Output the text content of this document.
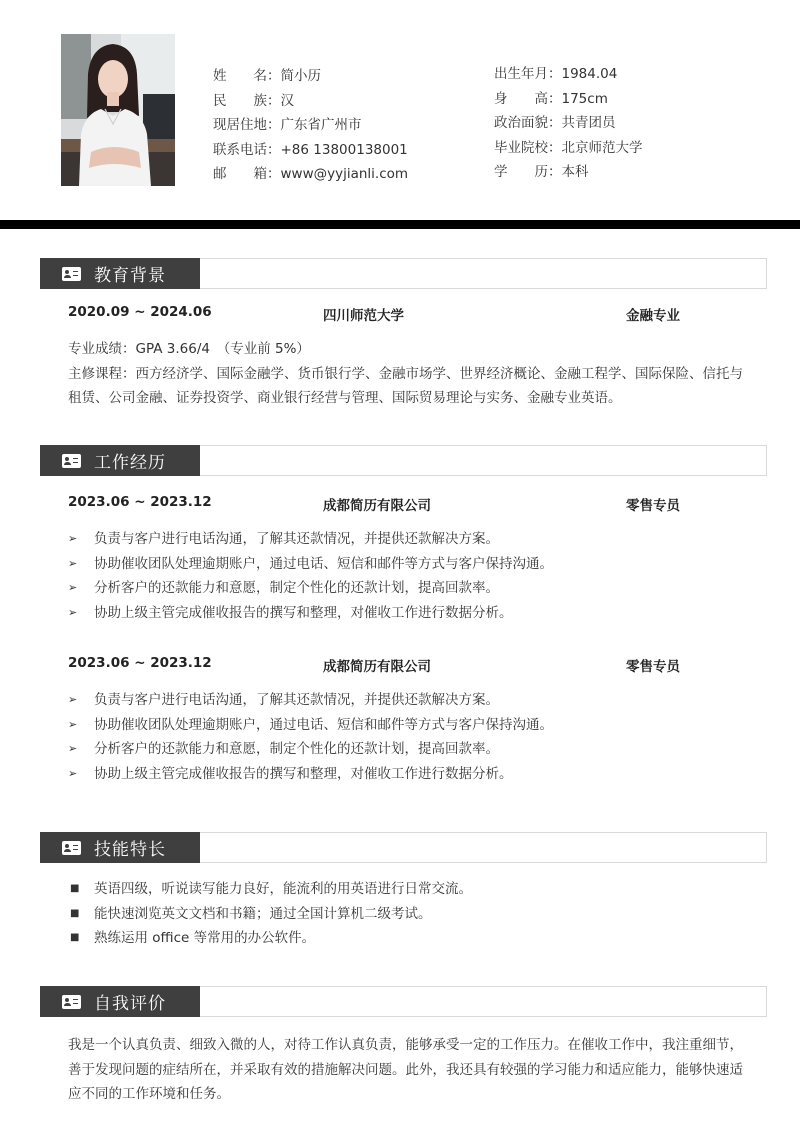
姓　　名：简小历
民　　族：汉
现居住地：广东省广州市
联系电话：+86 13800138001
邮　　箱：www@yyjianli.com
出生年月：1984.04
身　　高：175cm
政治面貌：共青团员
毕业院校：北京师范大学
学　　历：本科
教育背景
2020.09 ~ 2024.06	四川师范大学	金融专业
专业成绩：GPA 3.66/4　（专业前 5%）
主修课程：西方经济学、国际金融学、货币银行学、金融市场学、世界经济概论、金融工程学、国际保险、信托与租赁、公司金融、证券投资学、商业银行经营与管理、国际贸易理论与实务、金融专业英语。
工作经历
2023.06 ~ 2023.12	成都简历有限公司	零售专员
➢ 负责与客户进行电话沟通，了解其还款情况，并提供还款解决方案。
➢ 协助催收团队处理逾期账户，通过电话、短信和邮件等方式与客户保持沟通。
➢ 分析客户的还款能力和意愿，制定个性化的还款计划，提高回款率。
➢ 协助上级主管完成催收报告的撰写和整理，对催收工作进行数据分析。
2023.06 ~ 2023.12	成都简历有限公司	零售专员
➢ 负责与客户进行电话沟通，了解其还款情况，并提供还款解决方案。
➢ 协助催收团队处理逾期账户，通过电话、短信和邮件等方式与客户保持沟通。
➢ 分析客户的还款能力和意愿，制定个性化的还款计划，提高回款率。
➢ 协助上级主管完成催收报告的撰写和整理，对催收工作进行数据分析。
技能特长
■ 英语四级，听说读写能力良好，能流利的用英语进行日常交流。
■ 能快速浏览英文文档和书籍；通过全国计算机二级考试。
■ 熟练运用 office 等常用的办公软件。
自我评价
我是一个认真负责、细致入微的人，对待工作认真负责，能够承受一定的工作压力。在催收工作中，我注重细节，善于发现问题的症结所在，并采取有效的措施解决问题。此外，我还具有较强的学习能力和适应能力，能够快速适应不同的工作环境和任务。
